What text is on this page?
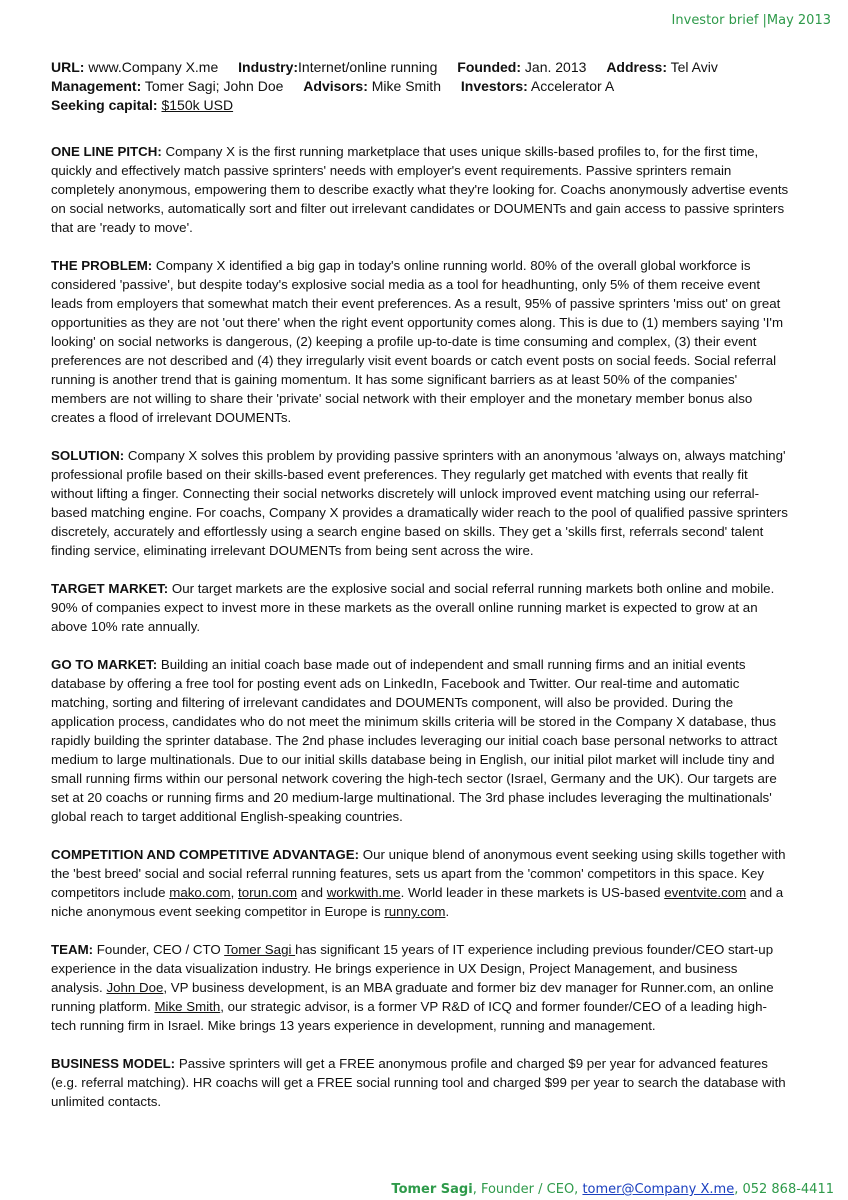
Investor brief |May 2013
URL: www.Company X.me Industry:Internet/online running Founded: Jan. 2013 Address: Tel Aviv
Management: Tomer Sagi; John Doe Advisors: Mike Smith Investors: Accelerator A
Seeking capital: $150k USD

ONE LINE PITCH: Company X is the first running marketplace that uses unique skills-based profiles to, for the first time, quickly and effectively match passive sprinters' needs with employer's event requirements. Passive sprinters remain completely anonymous, empowering them to describe exactly what they're looking for. Coachs anonymously advertise events on social networks, automatically sort and filter out irrelevant candidates or DOUMENTs and gain access to passive sprinters that are 'ready to move'.

THE PROBLEM: Company X identified a big gap in today's online running world. 80% of the overall global workforce is considered 'passive', but despite today's explosive social media as a tool for headhunting, only 5% of them receive event leads from employers that somewhat match their event preferences. As a result, 95% of passive sprinters 'miss out' on great opportunities as they are not 'out there' when the right event opportunity comes along. This is due to (1) members saying 'I'm looking' on social networks is dangerous, (2) keeping a profile up-to-date is time consuming and complex, (3) their event preferences are not described and (4) they irregularly visit event boards or catch event posts on social feeds. Social referral running is another trend that is gaining momentum. It has some significant barriers as at least 50% of the companies' members are not willing to share their 'private' social network with their employer and the monetary member bonus also creates a flood of irrelevant DOUMENTs.

SOLUTION: Company X solves this problem by providing passive sprinters with an anonymous 'always on, always matching' professional profile based on their skills-based event preferences. They regularly get matched with events that really fit without lifting a finger. Connecting their social networks discretely will unlock improved event matching using our referral-based matching engine. For coachs, Company X provides a dramatically wider reach to the pool of qualified passive sprinters discretely, accurately and effortlessly using a search engine based on skills. They get a 'skills first, referrals second' talent finding service, eliminating irrelevant DOUMENTs from being sent across the wire.

TARGET MARKET: Our target markets are the explosive social and social referral running markets both online and mobile. 90% of companies expect to invest more in these markets as the overall online running market is expected to grow at an above 10% rate annually.

GO TO MARKET: Building an initial coach base made out of independent and small running firms and an initial events database by offering a free tool for posting event ads on LinkedIn, Facebook and Twitter. Our real-time and automatic matching, sorting and filtering of irrelevant candidates and DOUMENTs component, will also be provided. During the application process, candidates who do not meet the minimum skills criteria will be stored in the Company X database, thus rapidly building the sprinter database. The 2nd phase includes leveraging our initial coach base personal networks to attract medium to large multinationals. Due to our initial skills database being in English, our initial pilot market will include tiny and small running firms within our personal network covering the high-tech sector (Israel, Germany and the UK). Our targets are set at 20 coachs or running firms and 20 medium-large multinational. The 3rd phase includes leveraging the multinationals' global reach to target additional English-speaking countries.

COMPETITION AND COMPETITIVE ADVANTAGE: Our unique blend of anonymous event seeking using skills together with the 'best breed' social and social referral running features, sets us apart from the 'common' competitors in this space. Key competitors include mako.com, torun.com and workwith.me. World leader in these markets is US-based eventvite.com and a niche anonymous event seeking competitor in Europe is runny.com.

TEAM: Founder, CEO / CTO Tomer Sagi has significant 15 years of IT experience including previous founder/CEO start-up experience in the data visualization industry. He brings experience in UX Design, Project Management, and business analysis. John Doe, VP business development, is an MBA graduate and former biz dev manager for Runner.com, an online running platform. Mike Smith, our strategic advisor, is a former VP R&D of ICQ and former founder/CEO of a leading high-tech running firm in Israel. Mike brings 13 years experience in development, running and management.

BUSINESS MODEL: Passive sprinters will get a FREE anonymous profile and charged $9 per year for advanced features (e.g. referral matching). HR coachs will get a FREE social running tool and charged $99 per year to search the database with unlimited contacts.

Tomer Sagi, Founder / CEO, tomer@Company X.me, 052 868-4411
